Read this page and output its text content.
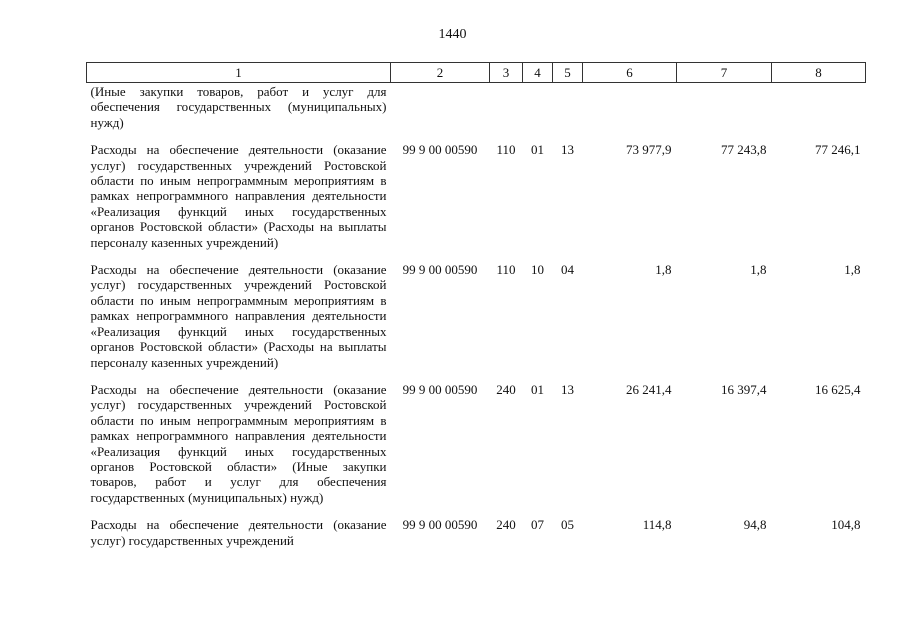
1440
1	2	3	4	5	6	7	8
(Иные закупки товаров, работ и услуг для обеспечения государственных (муниципальных) нужд)							
Расходы на обеспечение деятельности (оказание услуг) государственных учреждений Ростовской области по иным непрограммным мероприятиям в рамках непрограммного направления деятельности «Реализация функций иных государственных органов Ростовской области» (Расходы на выплаты персоналу казенных учреждений)	99 9 00 00590	110	01	13	73 977,9	77 243,8	77 246,1
Расходы на обеспечение деятельности (оказание услуг) государственных учреждений Ростовской области по иным непрограммным мероприятиям в рамках непрограммного направления деятельности «Реализация функций иных государственных органов Ростовской области» (Расходы на выплаты персоналу казенных учреждений)	99 9 00 00590	110	10	04	1,8	1,8	1,8
Расходы на обеспечение деятельности (оказание услуг) государственных учреждений Ростовской области по иным непрограммным мероприятиям в рамках непрограммного направления деятельности «Реализация функций иных государственных органов Ростовской области» (Иные закупки товаров, работ и услуг для обеспечения государственных (муниципальных) нужд)	99 9 00 00590	240	01	13	26 241,4	16 397,4	16 625,4
Расходы на обеспечение деятельности (оказание услуг) государственных учреждений	99 9 00 00590	240	07	05	114,8	94,8	104,8
